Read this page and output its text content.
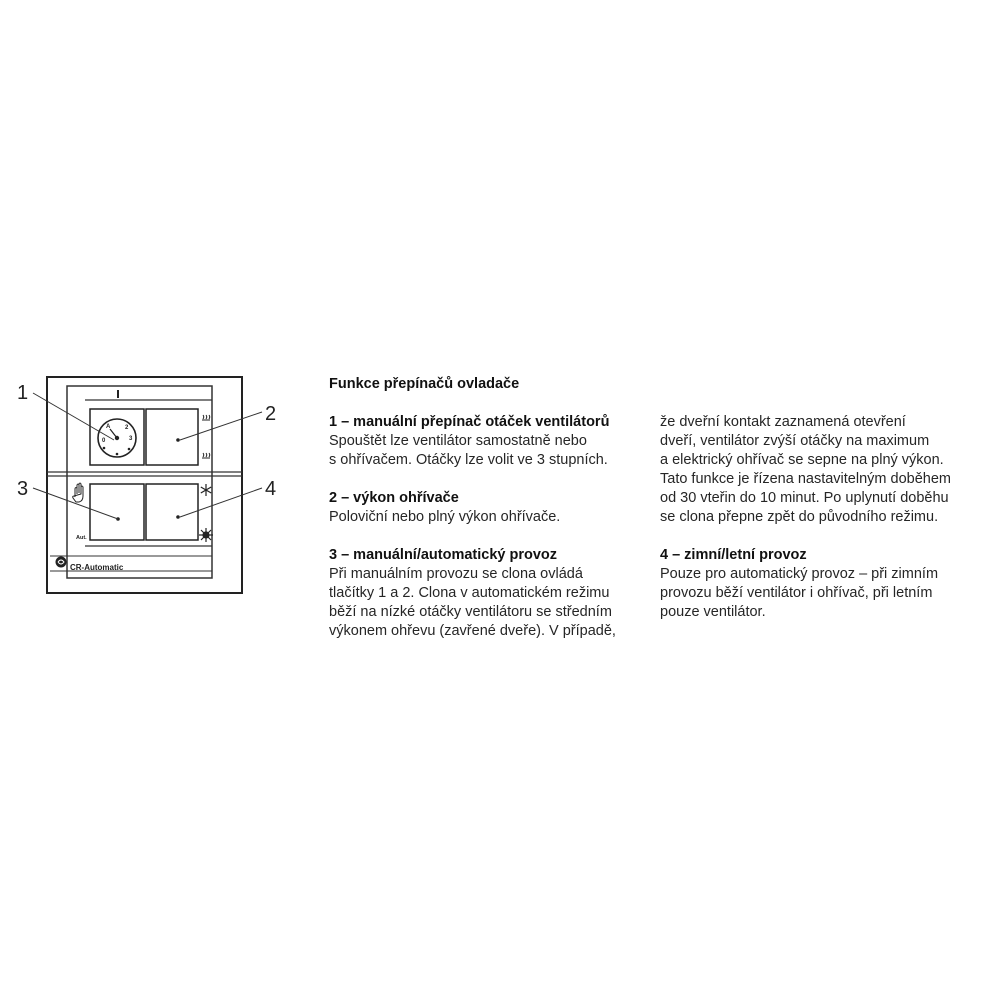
A 2
0	3
Aut.
CR-Automatic
1
2
3	4
Funkce přepínačů ovladače
1 – manuální přepínač otáček ventilátorů
Spouštět lze ventilátor samostatně nebo
s ohřívačem. Otáčky lze volit ve 3 stupních.
2 – výkon ohřívače
Poloviční nebo plný výkon ohřívače.
3 – manuální/automatický provoz
Při manuálním provozu se clona ovládá
tlačítky 1 a 2. Clona v automatickém režimu
běží na nízké otáčky ventilátoru se středním
výkonem ohřevu (zavřené dveře). V případě,
že dveřní kontakt zaznamená otevření
dveří, ventilátor zvýší otáčky na maximum
a elektrický ohřívač se sepne na plný výkon.
Tato funkce je řízena nastavitelným doběhem
od 30 vteřin do 10 minut. Po uplynutí doběhu
se clona přepne zpět do původního režimu.
4 – zimní/letní provoz
Pouze pro automatický provoz – při zimním
provozu běží ventilátor i ohřívač, při letním
pouze ventilátor.
